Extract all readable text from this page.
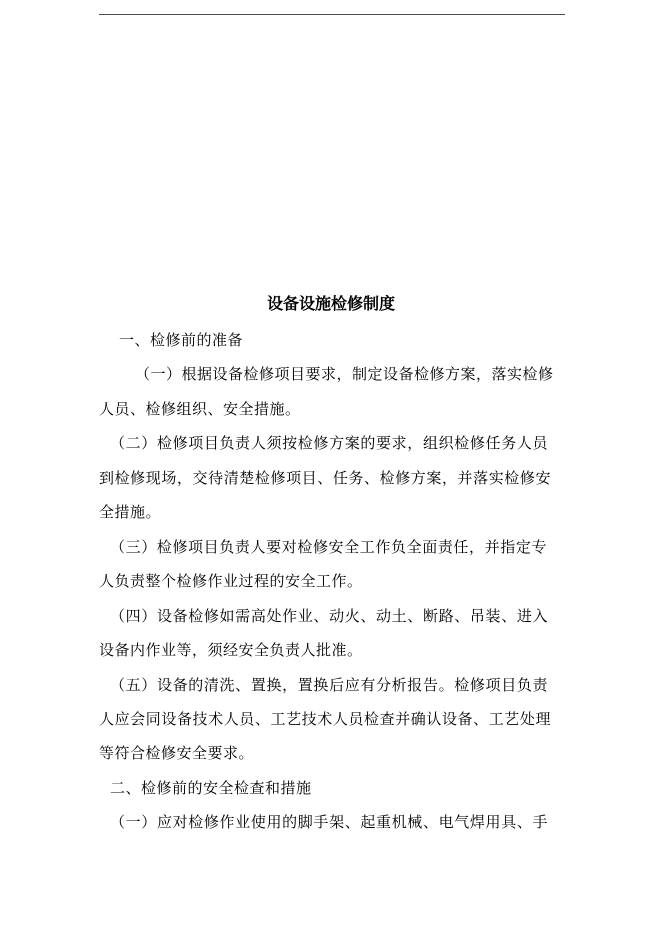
设备设施检修制度
一、检修前的准备
（一）根据设备检修项目要求，制定设备检修方案，落实检修
人员、检修组织、安全措施。
（二）检修项目负责人须按检修方案的要求，组织检修任务人员
到检修现场，交待清楚检修项目、任务、检修方案，并落实检修安
全措施。
（三）检修项目负责人要对检修安全工作负全面责任，并指定专
人负责整个检修作业过程的安全工作。
（四）设备检修如需高处作业、动火、动土、断路、吊装、进入
设备内作业等，须经安全负责人批准。
（五）设备的清洗、置换，置换后应有分析报告。检修项目负责
人应会同设备技术人员、工艺技术人员检查并确认设备、工艺处理
等符合检修安全要求。
二、检修前的安全检查和措施
（一）应对检修作业使用的脚手架、起重机械、电气焊用具、手
